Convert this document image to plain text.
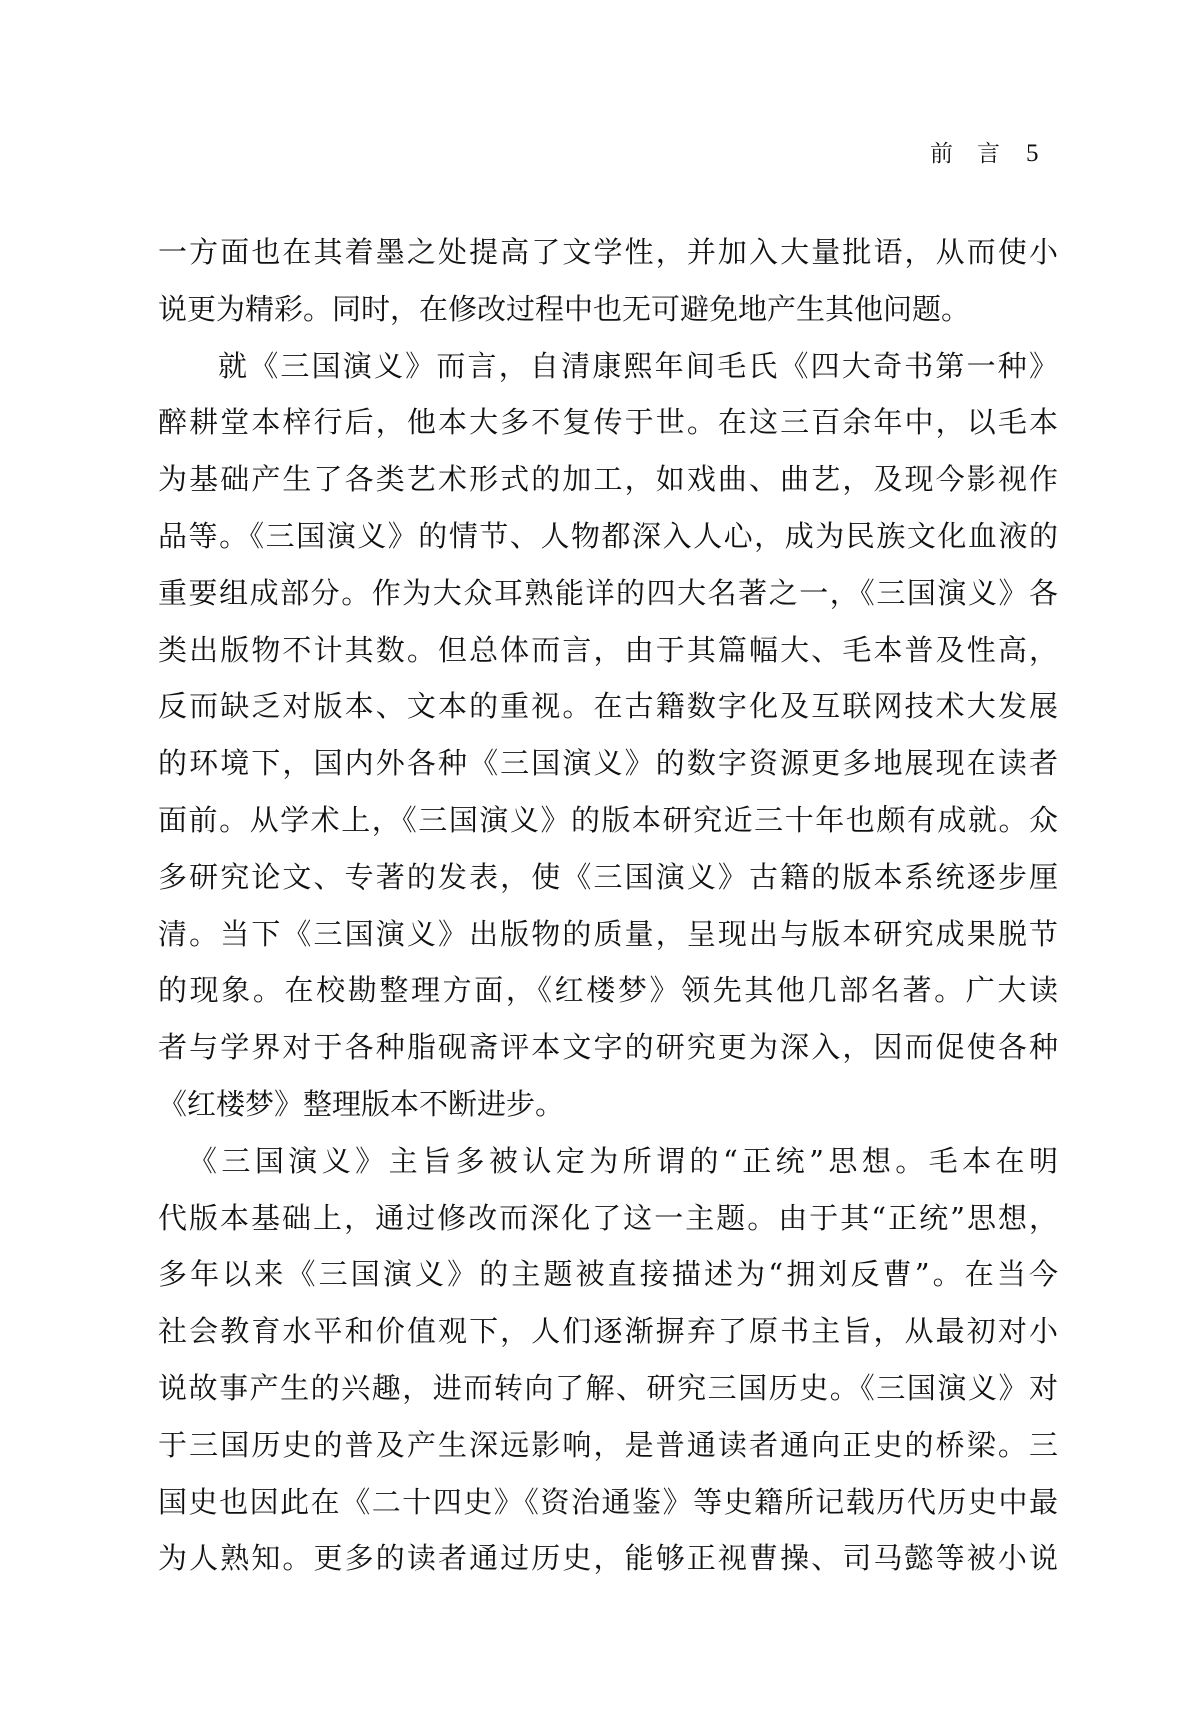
前言5
一方面也在其着墨之处提高了文学性，并加入大量批语，从而使小
说更为精彩。同时，在修改过程中也无可避免地产生其他问题。
就《三国演义》而言，自清康熙年间毛氏《四大奇书第一种》
醉耕堂本梓行后，他本大多不复传于世。在这三百余年中，以毛本
为基础产生了各类艺术形式的加工，如戏曲、曲艺，及现今影视作
品等。《三国演义》的情节、人物都深入人心，成为民族文化血液的
重要组成部分。作为大众耳熟能详的四大名著之一，《三国演义》各
类出版物不计其数。但总体而言，由于其篇幅大、毛本普及性高，
反而缺乏对版本、文本的重视。在古籍数字化及互联网技术大发展
的环境下，国内外各种《三国演义》的数字资源更多地展现在读者
面前。从学术上，《三国演义》的版本研究近三十年也颇有成就。众
多研究论文、专著的发表，使《三国演义》古籍的版本系统逐步厘
清。当下《三国演义》出版物的质量，呈现出与版本研究成果脱节
的现象。在校勘整理方面，《红楼梦》领先其他几部名著。广大读
者与学界对于各种脂砚斋评本文字的研究更为深入，因而促使各种
《红楼梦》整理版本不断进步。
《三国演义》主旨多被认定为所谓的“正统”思想。毛本在明
代版本基础上，通过修改而深化了这一主题。由于其“正统”思想，
多年以来《三国演义》的主题被直接描述为“拥刘反曹”。在当今
社会教育水平和价值观下，人们逐渐摒弃了原书主旨，从最初对小
说故事产生的兴趣，进而转向了解、研究三国历史。《三国演义》对
于三国历史的普及产生深远影响，是普通读者通向正史的桥梁。三
国史也因此在《二十四史》《资治通鉴》等史籍所记载历代历史中最
为人熟知。更多的读者通过历史，能够正视曹操、司马懿等被小说
